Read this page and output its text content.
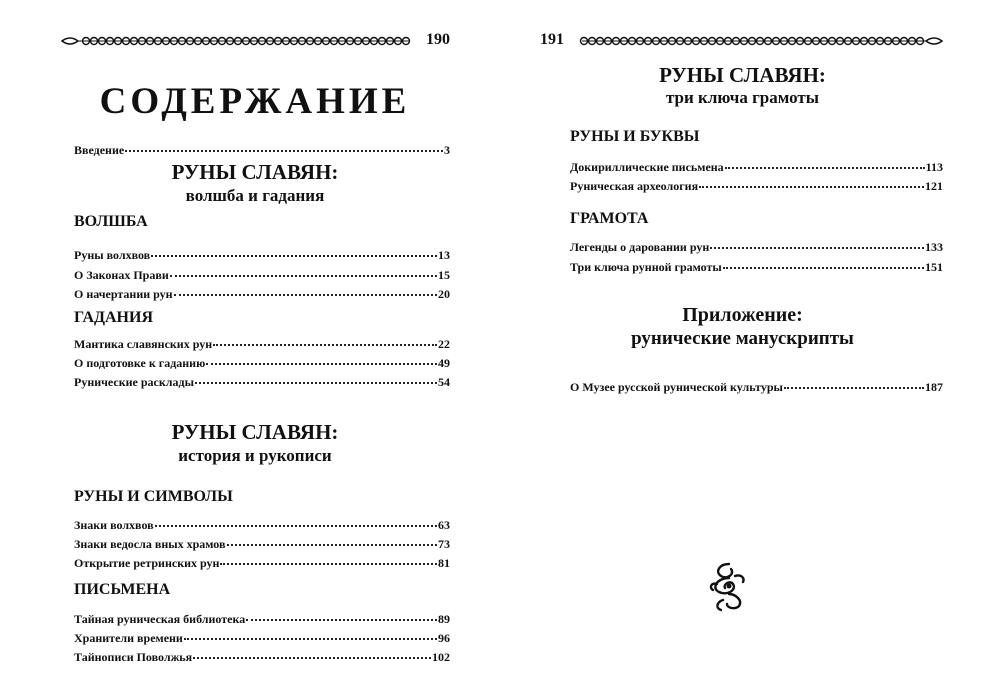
190
СОДЕРЖАНИЕ
Введение	3
РУНЫ СЛАВЯН:
волшба и гадания
ВОЛШБА
Руны волхвов	13
О Законах Прави	15
О начертании рун	20
ГАДАНИЯ
Мантика славянских рун	22
О подготовке к гаданию	49
Рунические расклады	54
РУНЫ СЛАВЯН:
история и рукописи
РУНЫ И СИМВОЛЫ
Знаки волхвов	63
Знаки ведосла вных храмов	73
Открытие ретринских рун	81
ПИСЬМЕНА
Тайная руническая библиотека	89
Хранители времени	96
Тайнописи Поволжья	102
191
РУНЫ СЛАВЯН:
три ключа грамоты
РУНЫ И БУКВЫ
Докириллические письмена	113
Руническая археология	121
ГРАМОТА
Легенды о даровании рун	133
Три ключа рунной грамоты	151
Приложение:
рунические манускрипты
О Музее русской рунической культуры	187
